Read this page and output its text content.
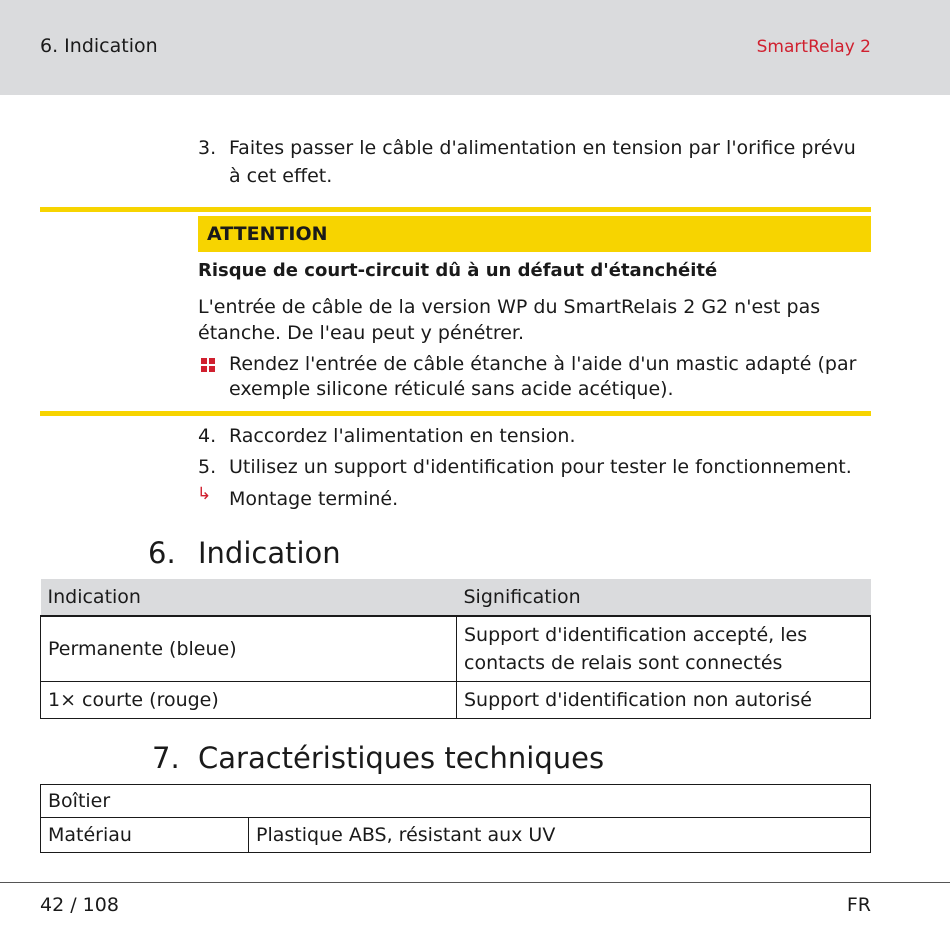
6. Indication	SmartRelay 2
3. Faites passer le câble d'alimentation en tension par l'orifice prévu à cet effet.
ATTENTION
Risque de court-circuit dû à un défaut d'étanchéité
L'entrée de câble de la version WP du SmartRelais 2 G2 n'est pas étanche. De l'eau peut y pénétrer.
Rendez l'entrée de câble étanche à l'aide d'un mastic adapté (par exemple silicone réticulé sans acide acétique).
4. Raccordez l'alimentation en tension.
5. Utilisez un support d'identification pour tester le fonctionnement.
↳ Montage terminé.
6. Indication
Indication	Signification
Permanente (bleue)	Support d'identification accepté, les contacts de relais sont connectés
1× courte (rouge)	Support d'identification non autorisé
7. Caractéristiques techniques
Boîtier
Matériau	Plastique ABS, résistant aux UV
42 / 108	FR
